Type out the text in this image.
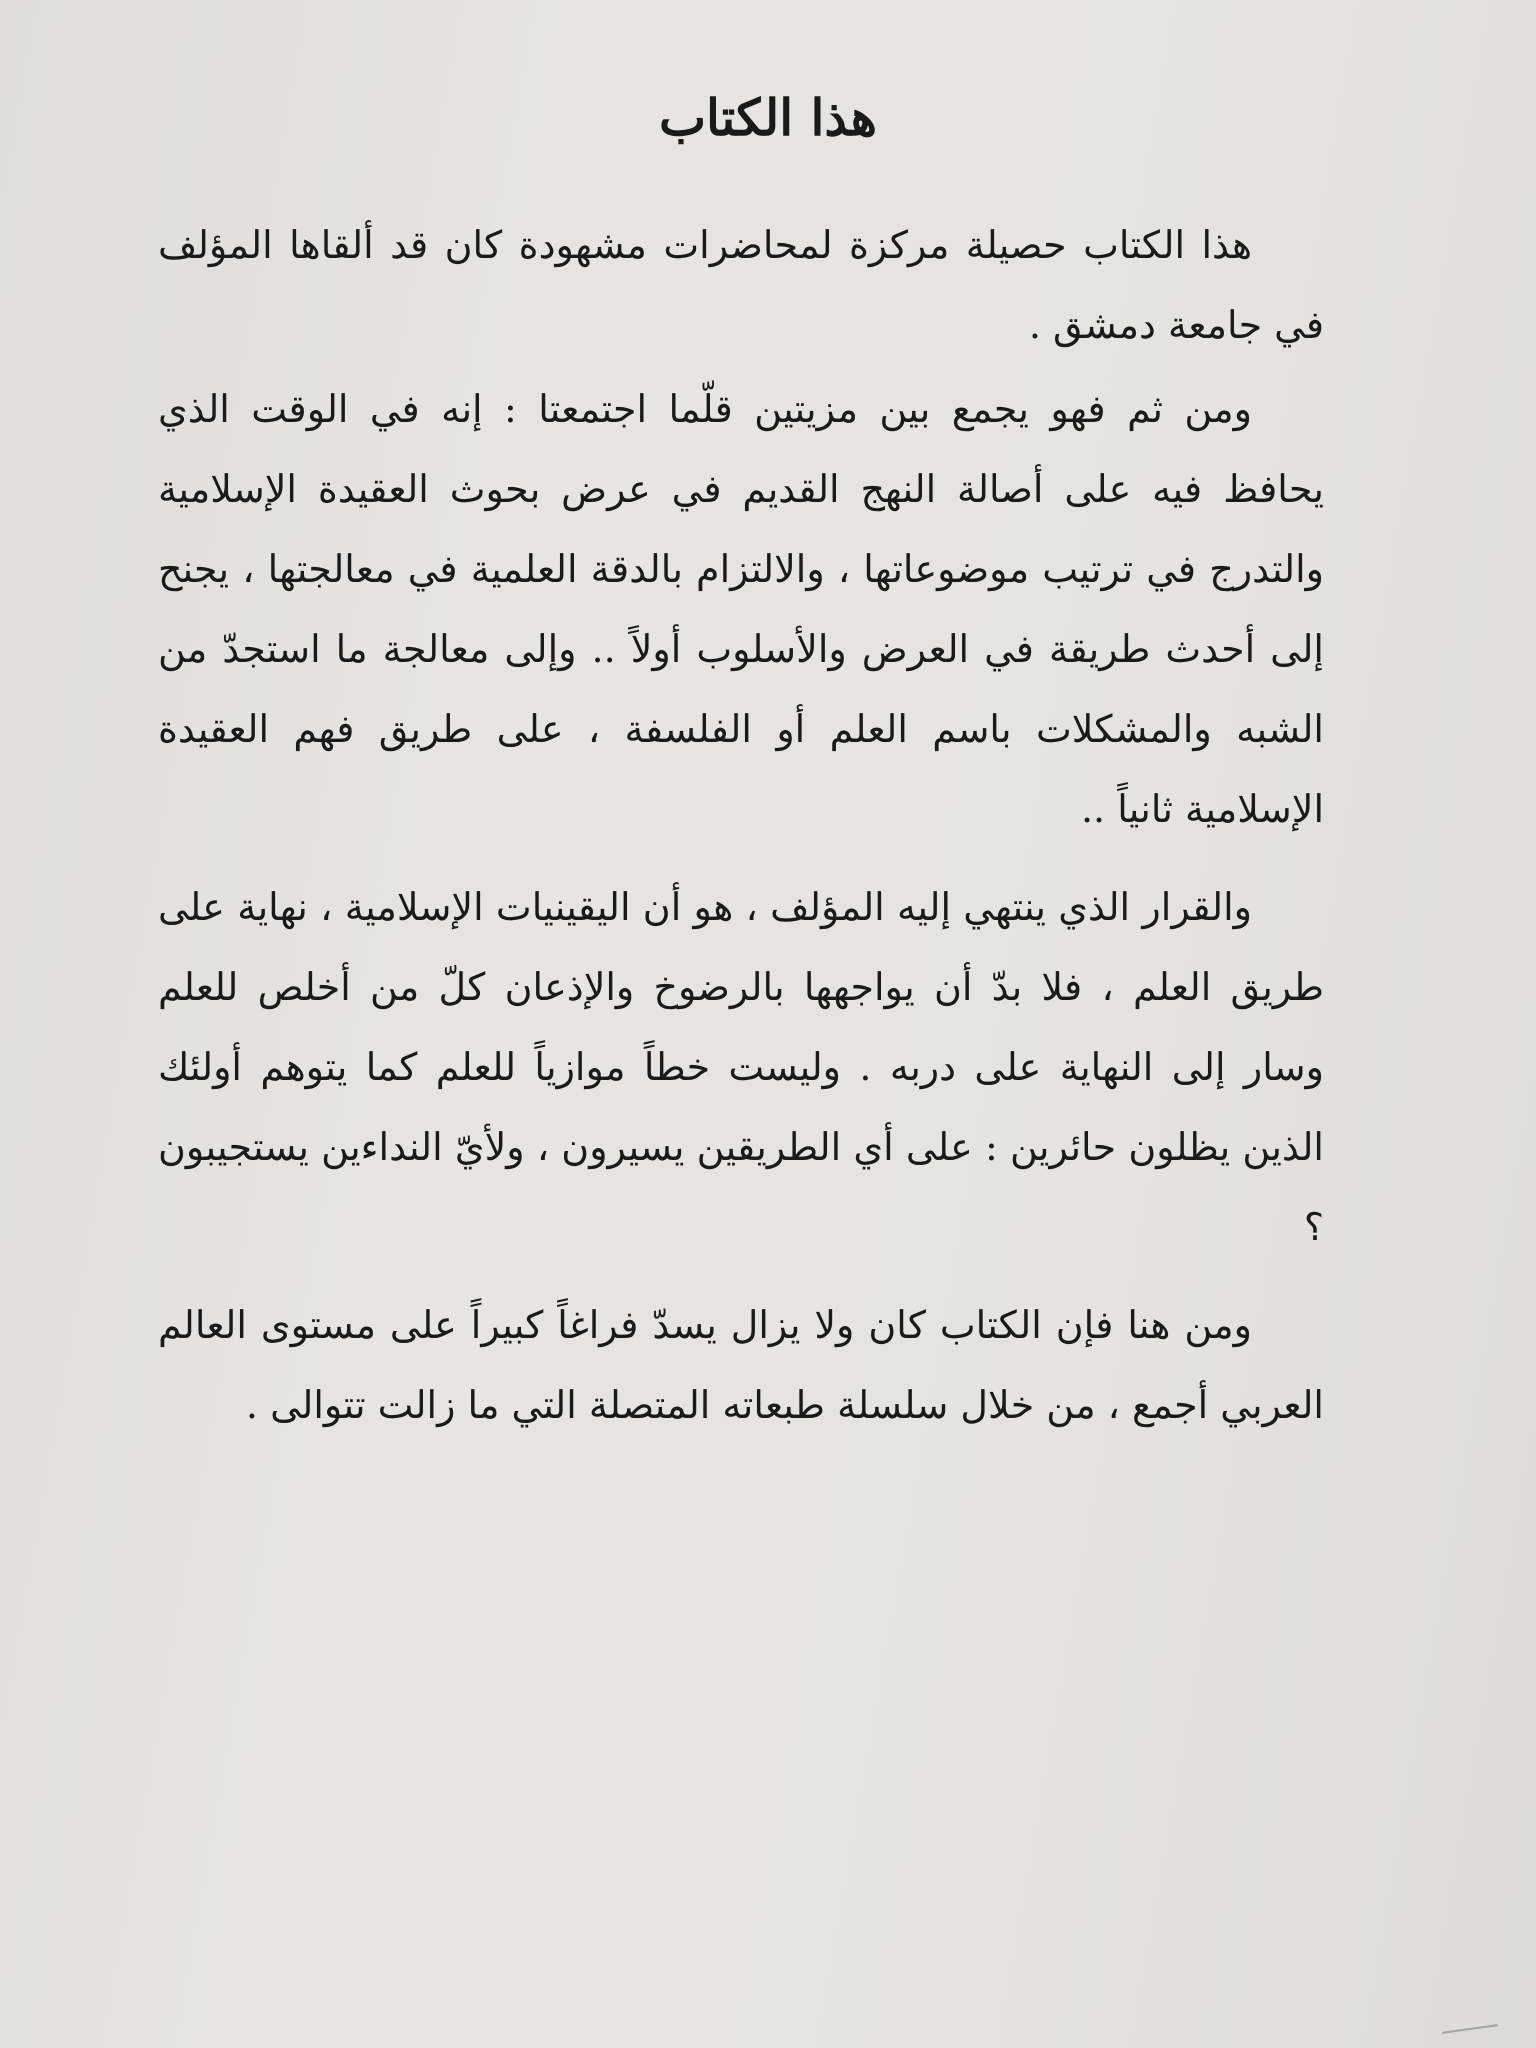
هذا الكتاب

هذا الكتاب حصيلة مركزة لمحاضرات مشهودة كان قد ألقاها المؤلف في جامعة دمشق .

ومن ثم فهو يجمع بين مزيتين قلّما اجتمعتا : إنه في الوقت الذي يحافظ فيه على أصالة النهج القديم في عرض بحوث العقيدة الإسلامية والتدرج في ترتيب موضوعاتها ، والالتزام بالدقة العلمية في معالجتها ، يجنح إلى أحدث طريقة في العرض والأسلوب أولاً .. وإلى معالجة ما استجدّ من الشبه والمشكلات باسم العلم أو الفلسفة ، على طريق فهم العقيدة الإسلامية ثانياً ..

والقرار الذي ينتهي إليه المؤلف ، هو أن اليقينيات الإسلامية ، نهاية على طريق العلم ، فلا بدّ أن يواجهها بالرضوخ والإذعان كلّ من أخلص للعلم وسار إلى النهاية على دربه . وليست خطاً موازياً للعلم كما يتوهم أولئك الذين يظلون حائرين : على أي الطريقين يسيرون ، ولأيّ النداءين يستجيبون ؟

ومن هنا فإن الكتاب كان ولا يزال يسدّ فراغاً كبيراً على مستوى العالم العربي أجمع ، من خلال سلسلة طبعاته المتصلة التي ما زالت تتوالى .
